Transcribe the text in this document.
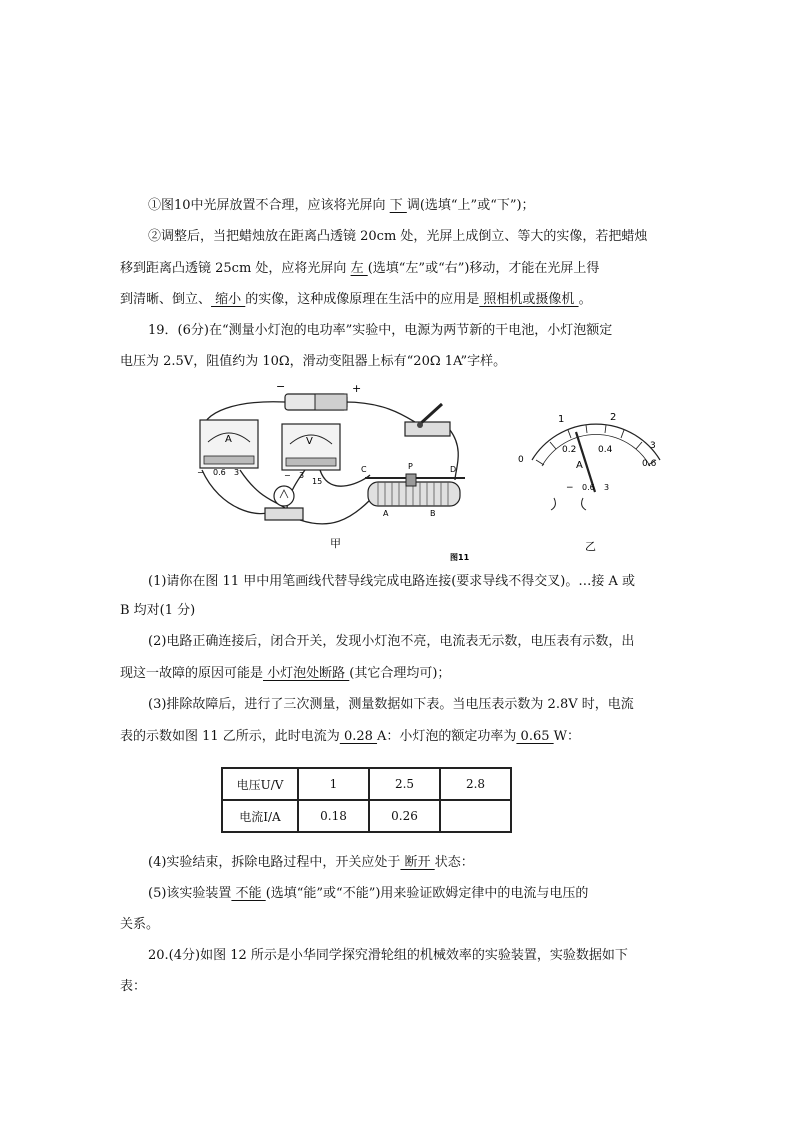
①图10中光屏放置不合理，应该将光屏向 下 调(选填“上”或“下”)；
②调整后，当把蜡烛放在距离凸透镜 20cm 处，光屏上成倒立、等大的实像，若把蜡烛
移到距离凸透镜 25cm 处，应将光屏向 左 (选填“左”或“右”)移动，才能在光屏上得
到清晰、倒立、 缩小 的实像，这种成像原理在生活中的应用是 照相机或摄像机 。
19．(6分)在“测量小灯泡的电功率”实验中，电源为两节新的干电池，小灯泡额定
电压为 2.5V，阻值约为 10Ω，滑动变阻器上标有“20Ω 1A”字样。
−	+
A
− 0.6 3
V
− 3
15
C	P	D
A	B
1	2
0
0.2 0.4
0.6
3
A
− 0.6 3
甲
图11
乙
(1)请你在图 11 甲中用笔画线代替导线完成电路连接(要求导线不得交叉)。…接 A 或
B 均对(1 分)
(2)电路正确连接后，闭合开关，发现小灯泡不亮，电流表无示数，电压表有示数，出
现这一故障的原因可能是 小灯泡处断路 (其它合理均可)；
(3)排除故障后，进行了三次测量，测量数据如下表。当电压表示数为 2.8V 时，电流
表的示数如图 11 乙所示，此时电流为 0.28 A：小灯泡的额定功率为 0.65 W：
电压U/V	1	2.5	2.8
电流I/A	0.18	0.26	
(4)实验结束，拆除电路过程中，开关应处于 断开 状态：
(5)该实验装置 不能 (选填“能”或“不能”)用来验证欧姆定律中的电流与电压的
关系。
20.(4分)如图 12 所示是小华同学探究滑轮组的机械效率的实验装置，实验数据如下
表：
